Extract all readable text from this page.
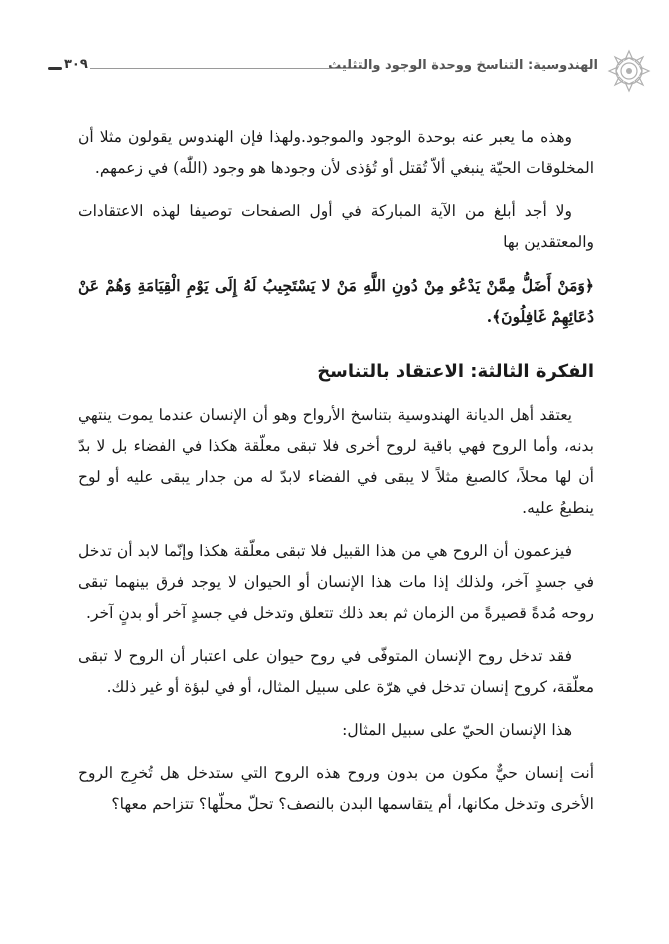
الهندوسية: التناسخ ووحدة الوجود والتثليث
٣٠٩

وهذه ما يعبر عنه بوحدة الوجود والموجود.ولهذا فإن الهندوس يقولون مثلا أن المخلوقات الحيّة ينبغي ألاّ تُقتل أو تُؤذى لأن وجودها هو وجود (اللّٰه) في زعمهم.

ولا أجد أبلغ من الآية المباركة في أول الصفحات توصيفا لهذه الاعتقادات والمعتقدين بها

﴿وَمَنْ أَضَلُّ مِمَّنْ يَدْعُو مِنْ دُونِ اللَّهِ مَنْ لا يَسْتَجِيبُ لَهُ إِلَى يَوْمِ الْقِيَامَةِ وَهُمْ عَنْ دُعَائِهِمْ غَافِلُونَ﴾.

الفكرة الثالثة: الاعتقاد بالتناسخ

يعتقد أهل الديانة الهندوسية بتناسخ الأرواح وهو أن الإنسان عندما يموت ينتهي بدنه، وأما الروح فهي باقية لروح أخرى فلا تبقى معلّقة هكذا في الفضاء بل لا بدّ أن لها محلاً، كالصبغ مثلاً لا يبقى في الفضاء لابدّ له من جدار يبقى عليه أو لوح ينطبعُ عليه.

فيزعمون أن الروح هي من هذا القبيل فلا تبقى معلّقة هكذا وإنّما لابد أن تدخل في جسدٍ آخر، ولذلك إذا مات هذا الإنسان أو الحيوان لا يوجد فرق بينهما تبقى روحه مُدةً قصيرةً من الزمان ثم بعد ذلك تتعلق وتدخل في جسدٍ آخر أو بدنٍ آخر.

فقد تدخل روح الإنسان المتوفّى في روح حيوان على اعتبار أن الروح لا تبقى معلّقة، كروح إنسان تدخل في هرّة على سبيل المثال، أو في لبؤة أو غير ذلك.

هذا الإنسان الحيّ على سبيل المثال:

أنت إنسان حيٌّ مكون من بدون وروح هذه الروح التي ستدخل هل تُخرِج الروح الأخرى وتدخل مكانها، أم يتقاسمها البدن بالنصف؟ تحلّ محلّها؟ تتزاحم معها؟
